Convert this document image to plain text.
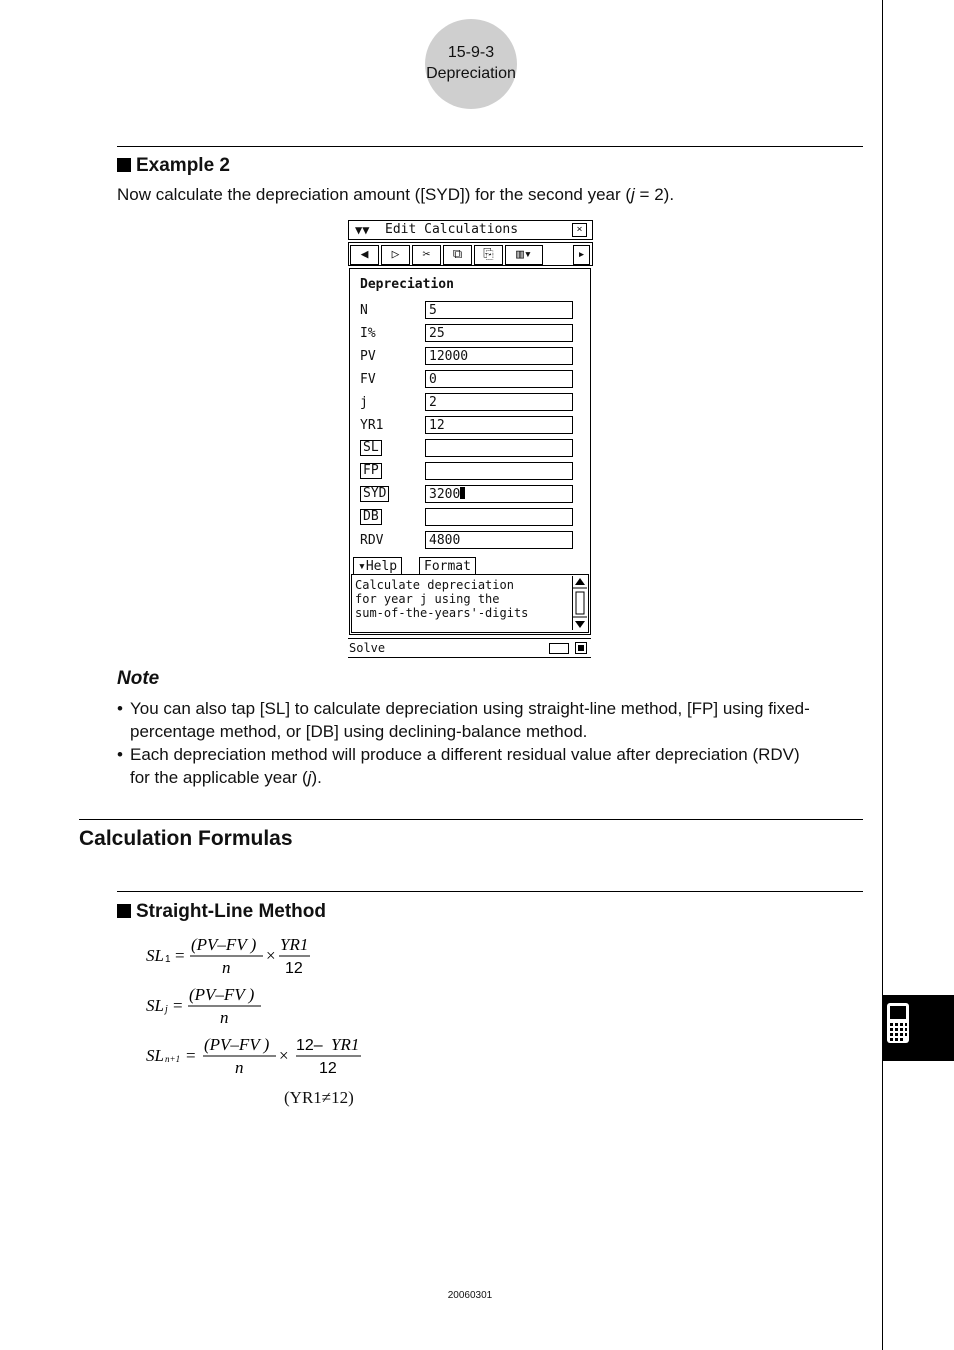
15-9-3
Depreciation
Example 2
Now calculate the depreciation amount ([SYD]) for the second year (j = 2).
▼▼ Edit Calculations	×
◀	▷	✂	⧉	⎘	▥▾	▸
Depreciation
N	5
I%	25
PV	12000
FV	0
j	2
YR1	12
SL
FP
SYD	3200
DB
RDV	4800
▾Help	Format
Calculate depreciation
for year j using the
sum-of-the-years'-digits
Solve
Note
• You can also tap [SL] to calculate depreciation using straight-line method, [FP] using fixed-
percentage method, or [DB] using declining-balance method.
• Each depreciation method will produce a different residual value after depreciation (RDV)
for the applicable year (j).
Calculation Formulas
Straight-Line Method
SL 1 =
(PV–FV )
n
×
YR1
12
SL j =
(PV–FV )
n
SL n+1 =
(PV–FV )
n
×
12– YR1
12
(YR1≠12)
20060301
